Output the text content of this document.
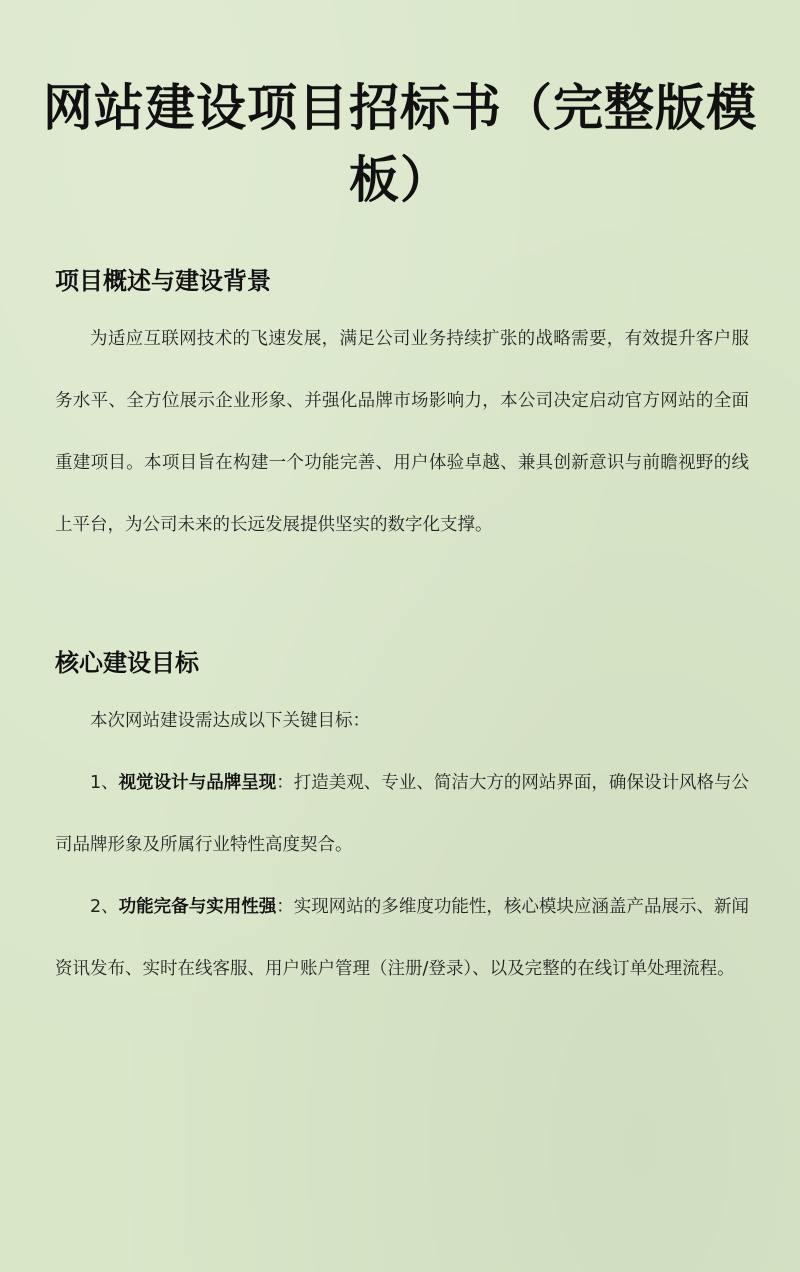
网站建设项目招标书（完整版模板）
项目概述与建设背景

为适应互联网技术的飞速发展，满足公司业务持续扩张的战略需要，有效提升客户服务水平、全方位展示企业形象、并强化品牌市场影响力，本公司决定启动官方网站的全面重建项目。本项目旨在构建一个功能完善、用户体验卓越、兼具创新意识与前瞻视野的线上平台，为公司未来的长远发展提供坚实的数字化支撑。

核心建设目标

本次网站建设需达成以下关键目标：

1、视觉设计与品牌呈现：打造美观、专业、简洁大方的网站界面，确保设计风格与公司品牌形象及所属行业特性高度契合。

2、功能完备与实用性强：实现网站的多维度功能性，核心模块应涵盖产品展示、新闻资讯发布、实时在线客服、用户账户管理（注册/登录）、以及完整的在线订单处理流程。
